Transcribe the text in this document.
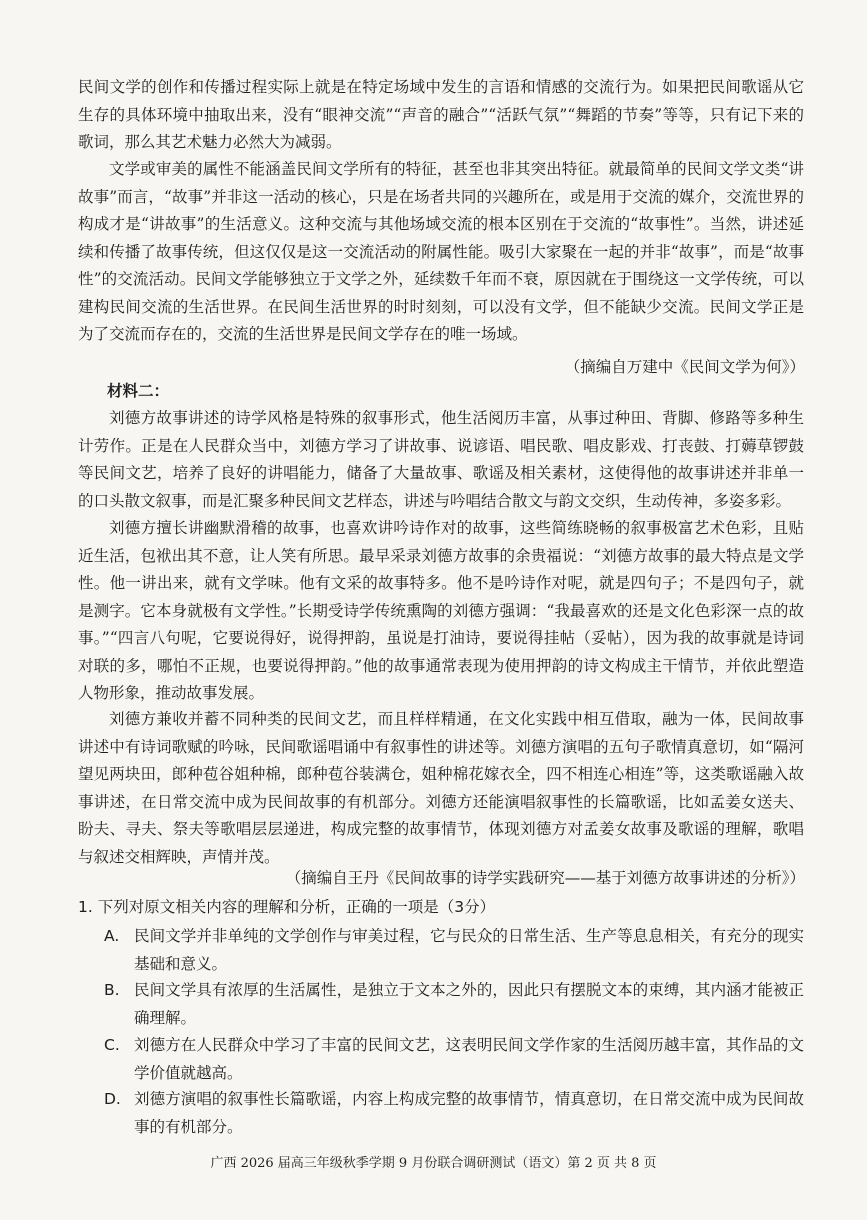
民间文学的创作和传播过程实际上就是在特定场域中发生的言语和情感的交流行为。如果把民间歌谣从它生存的具体环境中抽取出来，没有“眼神交流”“声音的融合”“活跃气氛”“舞蹈的节奏”等等，只有记下来的歌词，那么其艺术魅力必然大为减弱。

文学或审美的属性不能涵盖民间文学所有的特征，甚至也非其突出特征。就最简单的民间文学文类“讲故事”而言，“故事”并非这一活动的核心，只是在场者共同的兴趣所在，或是用于交流的媒介，交流世界的构成才是“讲故事”的生活意义。这种交流与其他场域交流的根本区别在于交流的“故事性”。当然，讲述延续和传播了故事传统，但这仅仅是这一交流活动的附属性能。吸引大家聚在一起的并非“故事”，而是“故事性”的交流活动。民间文学能够独立于文学之外，延续数千年而不衰，原因就在于围绕这一文学传统，可以建构民间交流的生活世界。在民间生活世界的时时刻刻，可以没有文学，但不能缺少交流。民间文学正是为了交流而存在的，交流的生活世界是民间文学存在的唯一场域。

（摘编自万建中《民间文学为何》）

材料二：

刘德方故事讲述的诗学风格是特殊的叙事形式，他生活阅历丰富，从事过种田、背脚、修路等多种生计劳作。正是在人民群众当中，刘德方学习了讲故事、说谚语、唱民歌、唱皮影戏、打丧鼓、打薅草锣鼓等民间文艺，培养了良好的讲唱能力，储备了大量故事、歌谣及相关素材，这使得他的故事讲述并非单一的口头散文叙事，而是汇聚多种民间文艺样态，讲述与吟唱结合散文与韵文交织，生动传神，多姿多彩。

刘德方擅长讲幽默滑稽的故事，也喜欢讲吟诗作对的故事，这些简练晓畅的叙事极富艺术色彩，且贴近生活，包袱出其不意，让人笑有所思。最早采录刘德方故事的余贵福说：“刘德方故事的最大特点是文学性。他一讲出来，就有文学味。他有文采的故事特多。他不是吟诗作对呢，就是四句子；不是四句子，就是测字。它本身就极有文学性。”长期受诗学传统熏陶的刘德方强调：“我最喜欢的还是文化色彩深一点的故事。”“四言八句呢，它要说得好，说得押韵，虽说是打油诗，要说得挂帖（妥帖），因为我的故事就是诗词对联的多，哪怕不正规，也要说得押韵。”他的故事通常表现为使用押韵的诗文构成主干情节，并依此塑造人物形象，推动故事发展。

刘德方兼收并蓄不同种类的民间文艺，而且样样精通，在文化实践中相互借取，融为一体，民间故事讲述中有诗词歌赋的吟咏，民间歌谣唱诵中有叙事性的讲述等。刘德方演唱的五句子歌情真意切，如“隔河望见两块田，郎种苞谷姐种棉，郎种苞谷装满仓，姐种棉花嫁衣全，四不相连心相连”等，这类歌谣融入故事讲述，在日常交流中成为民间故事的有机部分。刘德方还能演唱叙事性的长篇歌谣，比如孟姜女送夫、盼夫、寻夫、祭夫等歌唱层层递进，构成完整的故事情节，体现刘德方对孟姜女故事及歌谣的理解，歌唱与叙述交相辉映，声情并茂。

（摘编自王丹《民间故事的诗学实践研究——基于刘德方故事讲述的分析》）

1. 下列对原文相关内容的理解和分析，正确的一项是（3分）

A. 民间文学并非单纯的文学创作与审美过程，它与民众的日常生活、生产等息息相关，有充分的现实基础和意义。
B. 民间文学具有浓厚的生活属性，是独立于文本之外的，因此只有摆脱文本的束缚，其内涵才能被正确理解。
C. 刘德方在人民群众中学习了丰富的民间文艺，这表明民间文学作家的生活阅历越丰富，其作品的文学价值就越高。
D. 刘德方演唱的叙事性长篇歌谣，内容上构成完整的故事情节，情真意切，在日常交流中成为民间故事的有机部分。
广西 2026 届高三年级秋季学期 9 月份联合调研测试（语文）第 2 页 共 8 页
